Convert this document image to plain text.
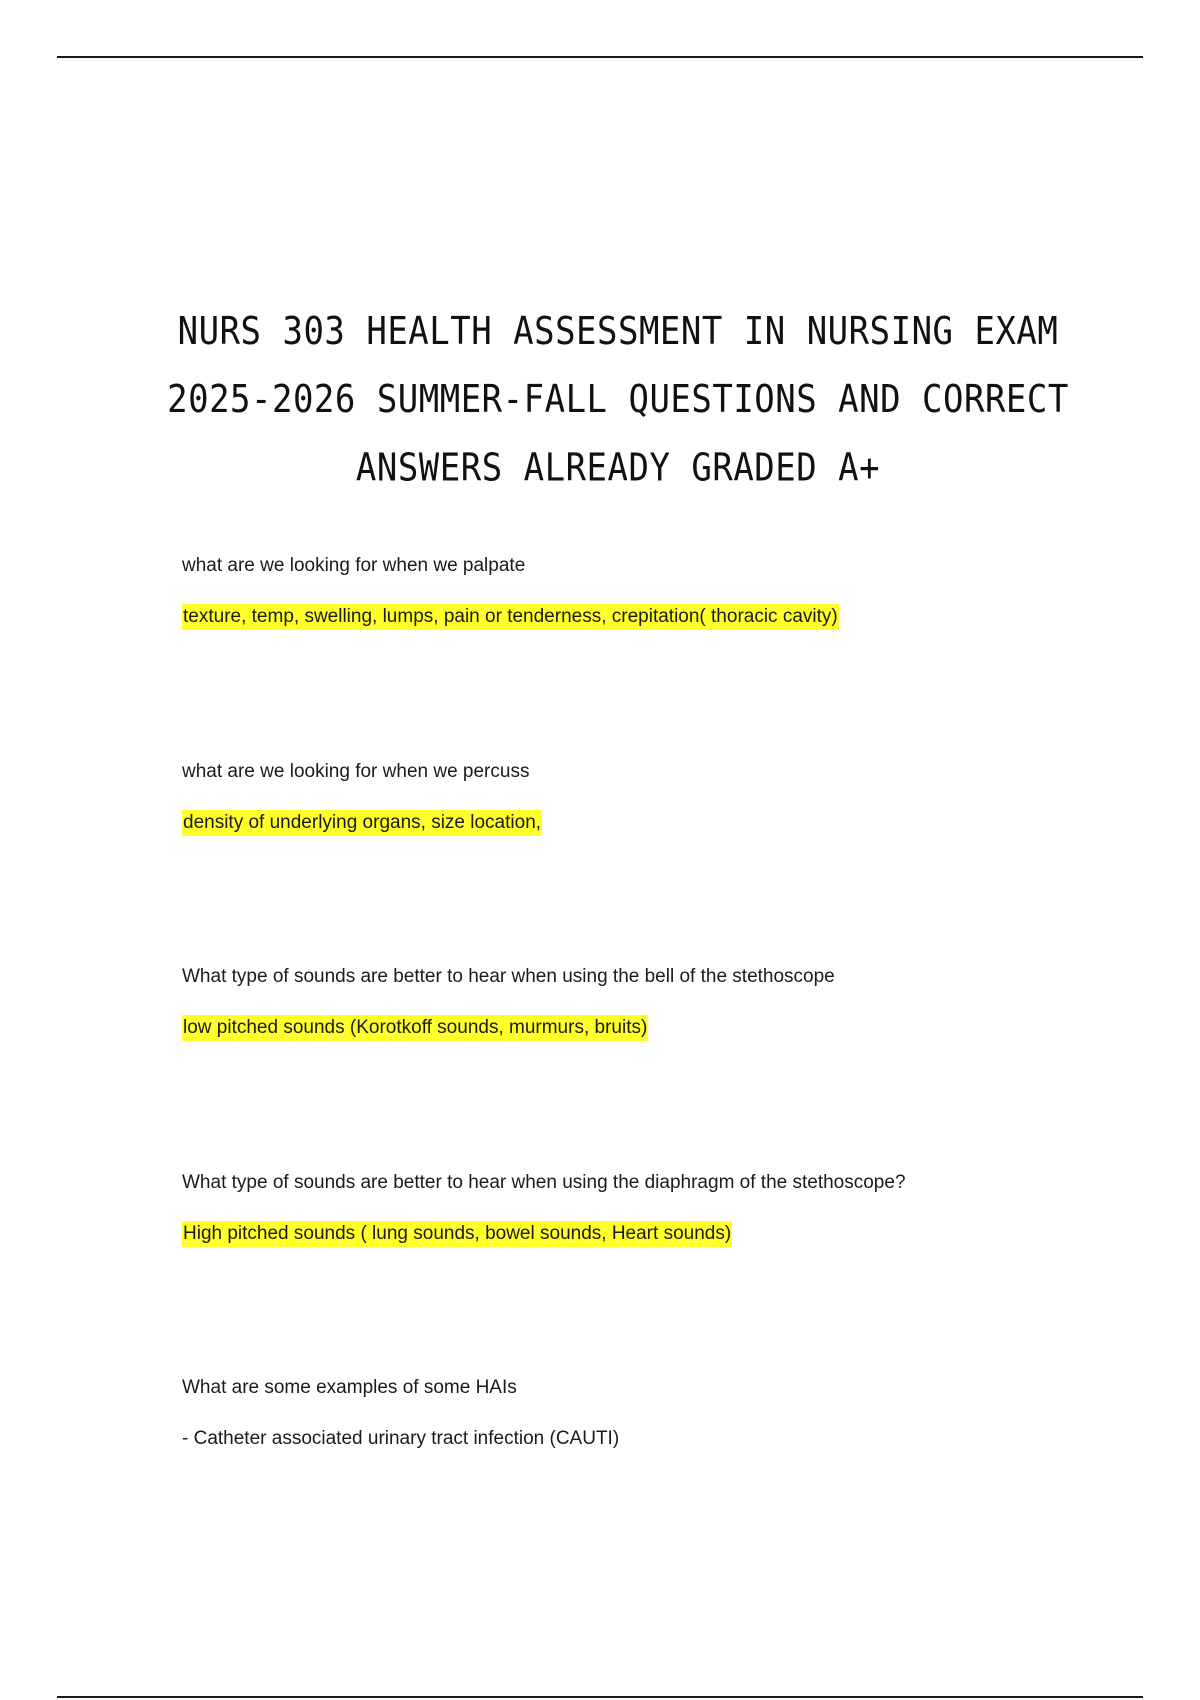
NURS 303 HEALTH ASSESSMENT IN NURSING EXAM
2025-2026 SUMMER-FALL QUESTIONS AND CORRECT
ANSWERS ALREADY GRADED A+
what are we looking for when we palpate
texture, temp, swelling, lumps, pain or tenderness, crepitation( thoracic cavity)
what are we looking for when we percuss
density of underlying organs, size location,
What type of sounds are better to hear when using the bell of the stethoscope
low pitched sounds (Korotkoff sounds, murmurs, bruits)
What type of sounds are better to hear when using the diaphragm of the stethoscope?
High pitched sounds ( lung sounds, bowel sounds, Heart sounds)
What are some examples of some HAIs
- Catheter associated urinary tract infection (CAUTI)
